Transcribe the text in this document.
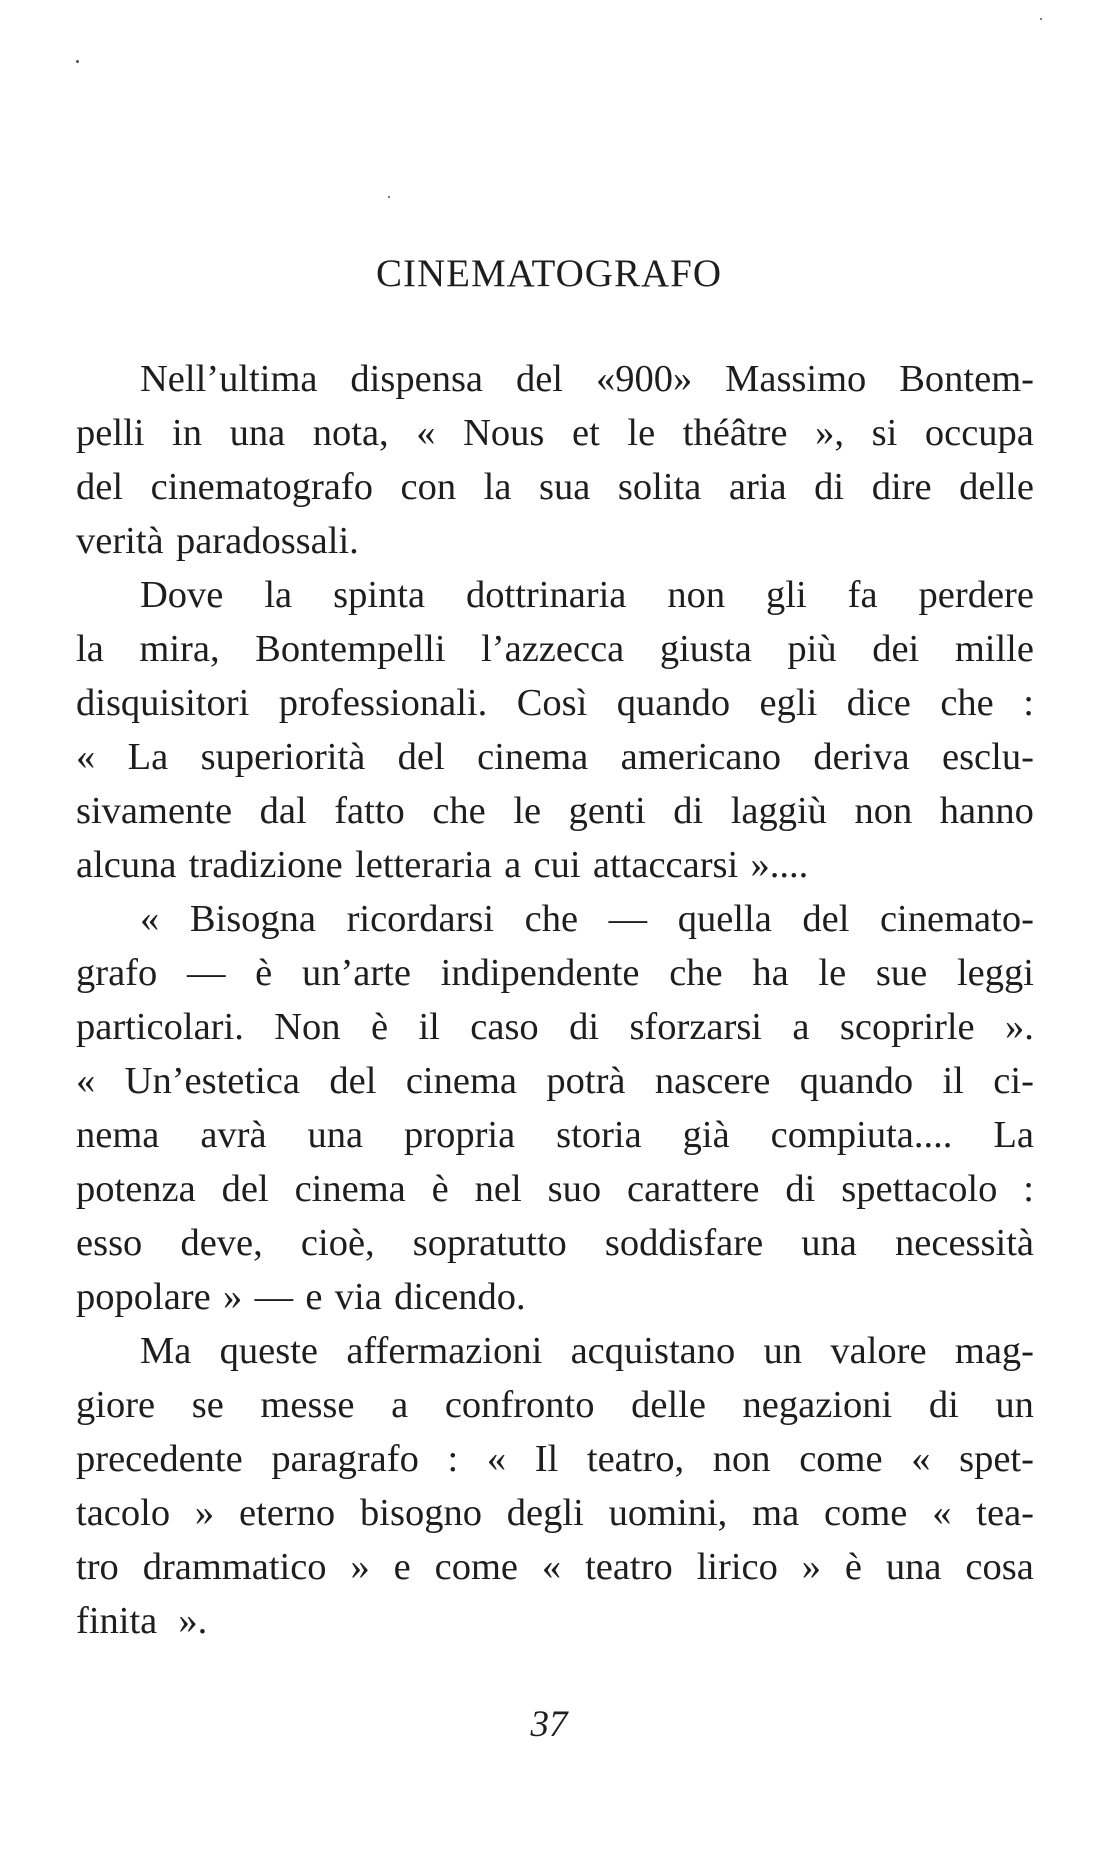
CINEMATOGRAFO
Nell’ultima dispensa del «900» Massimo Bontem-
pelli in una nota, « Nous et le théâtre », si occupa
del cinematografo con la sua solita aria di dire delle
verità paradossali.
Dove la spinta dottrinaria non gli fa perdere
la mira, Bontempelli l’azzecca giusta più dei mille
disquisitori professionali. Così quando egli dice che :
« La superiorità del cinema americano deriva esclu-
sivamente dal fatto che le genti di laggiù non hanno
alcuna tradizione letteraria a cui attaccarsi »....
« Bisogna ricordarsi che — quella del cinemato-
grafo — è un’arte indipendente che ha le sue leggi
particolari. Non è il caso di sforzarsi a scoprirle ».
« Un’estetica del cinema potrà nascere quando il ci-
nema avrà una propria storia già compiuta.... La
potenza del cinema è nel suo carattere di spettacolo :
esso deve, cioè, sopratutto soddisfare una necessità
popolare » — e via dicendo.
Ma queste affermazioni acquistano un valore mag-
giore se messe a confronto delle negazioni di un
precedente paragrafo : « Il teatro, non come « spet-
tacolo » eterno bisogno degli uomini, ma come « tea-
tro drammatico » e come « teatro lirico » è una cosa
finita ».
37
